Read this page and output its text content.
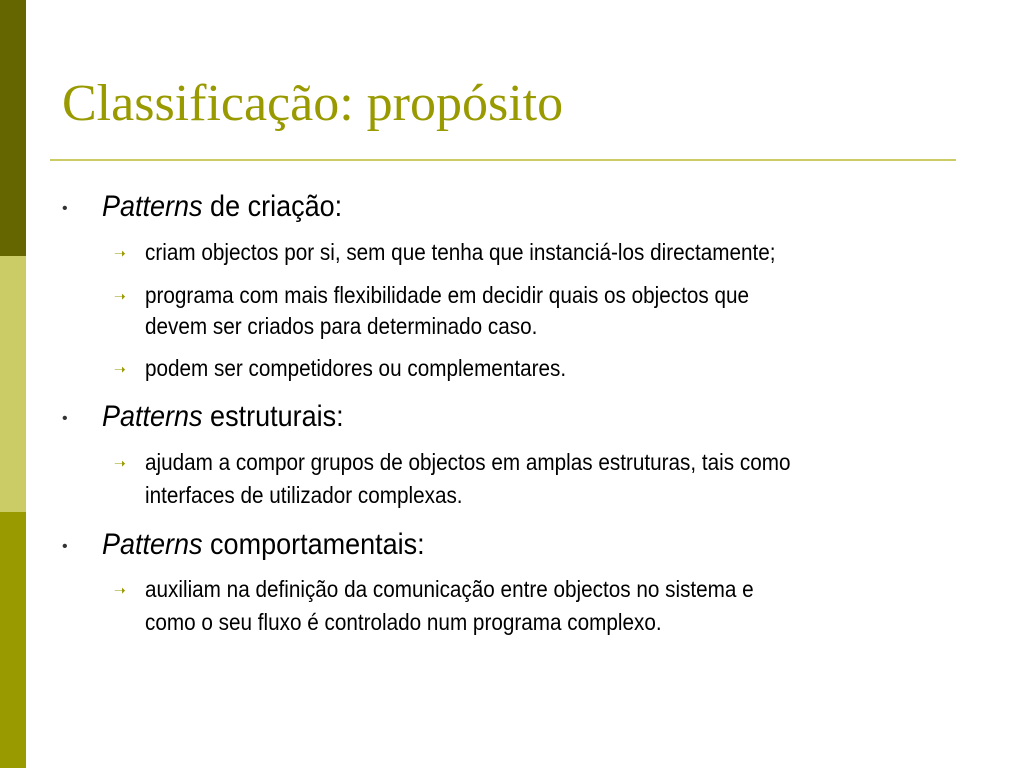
Classificação: propósito
• Patterns de criação:
➝ criam objectos por si, sem que tenha que instanciá-los directamente;
➝ programa com mais flexibilidade em decidir quais os objectos que
devem ser criados para determinado caso.
➝ podem ser competidores ou complementares.
• Patterns estruturais:
➝ ajudam a compor grupos de objectos em amplas estruturas, tais como
interfaces de utilizador complexas.
• Patterns comportamentais:
➝ auxiliam na definição da comunicação entre objectos no sistema e
como o seu fluxo é controlado num programa complexo.
